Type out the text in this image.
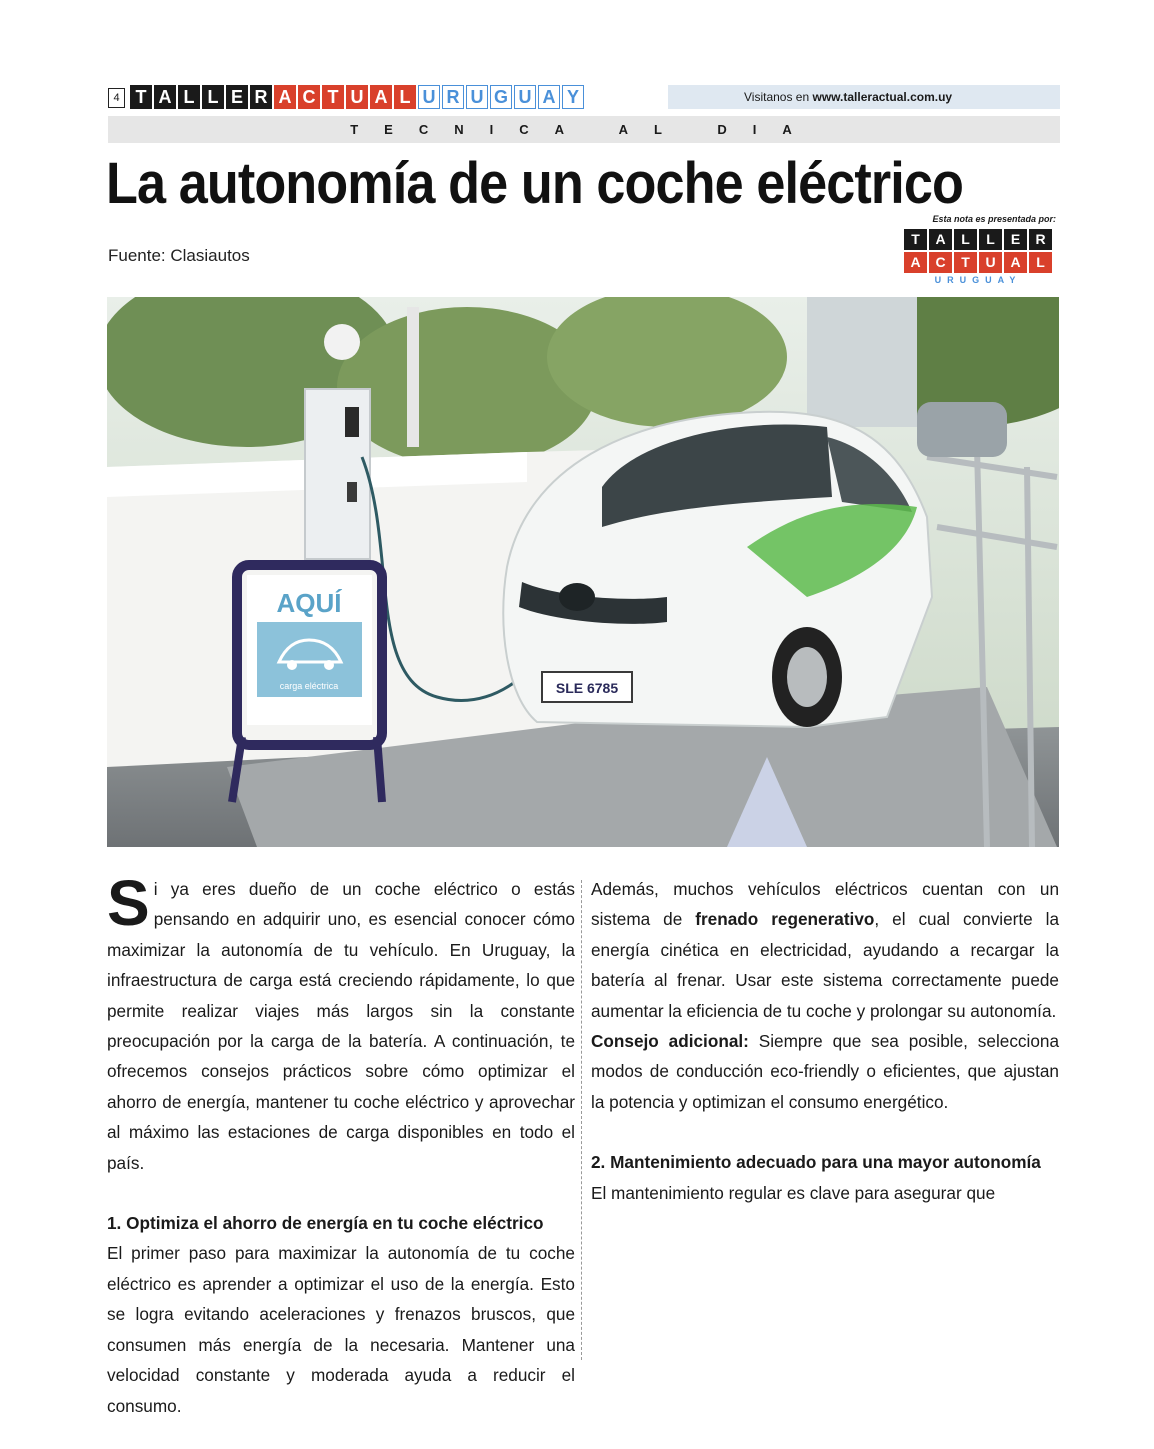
4 T A L L E R A C T U A L U R U G U A Y	Visitanos en www.talleractual.com.uy
TECNICA AL DIA
La autonomía de un coche eléctrico
Fuente: Clasiautos
Esta nota es presentada por:
T	A	L	L	E	R
A	C	T	U	A	L
URUGUAY
AQUÍ
carga eléctrica	SLE 6785

Si ya eres dueño de un coche eléctrico o estás pensando en adquirir uno, es esencial conocer cómo maximizar la autonomía de tu vehículo. En Uruguay, la infraestructura de carga está creciendo rápidamente, lo que permite realizar viajes más largos sin la constante preocupación por la carga de la batería. A continuación, te ofrecemos consejos prácticos sobre cómo optimizar el ahorro de energía, mantener tu coche eléctrico y aprovechar al máximo las estaciones de carga disponibles en todo el país.

1. Optimiza el ahorro de energía en tu coche eléctrico

El primer paso para maximizar la autonomía de tu coche eléctrico es aprender a optimizar el uso de la energía. Esto se logra evitando aceleraciones y frenazos bruscos, que consumen más energía de la necesaria. Mantener una velocidad constante y moderada ayuda a reducir el consumo.

Además, muchos vehículos eléctricos cuentan con un sistema de frenado regenerativo, el cual convierte la energía cinética en electricidad, ayudando a recargar la batería al frenar. Usar este sistema correctamente puede aumentar la eficiencia de tu coche y prolongar su autonomía.

Consejo adicional: Siempre que sea posible, selecciona modos de conducción eco-friendly o eficientes, que ajustan la potencia y optimizan el consumo energético.

2. Mantenimiento adecuado para una mayor autonomía

El mantenimiento regular es clave para asegurar que
